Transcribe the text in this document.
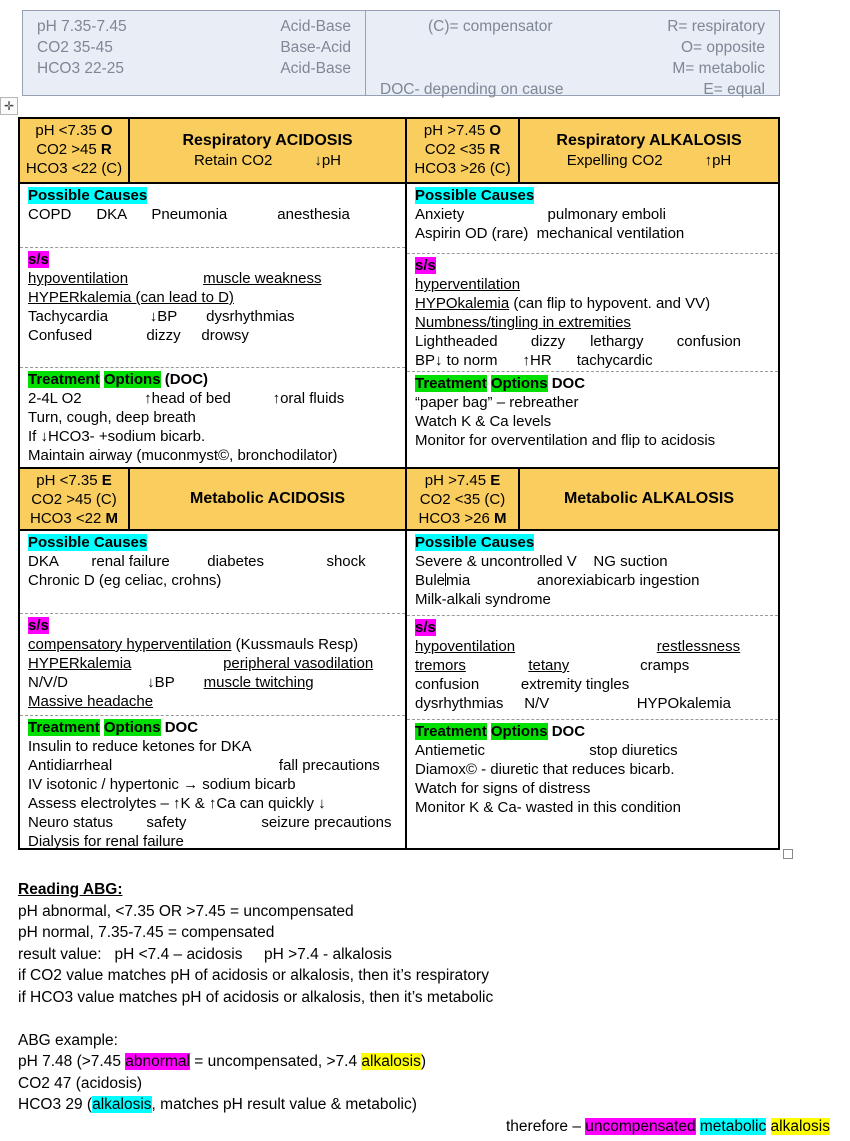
pH 7.35-7.45	Acid-Base
CO2 35-45	Base-Acid
HCO3 22-25	Acid-Base
(C)= compensator	R= respiratory
O= opposite
M= metabolic
DOC- depending on cause	E= equal
✛
pH <7.35 O
CO2 >45 R
HCO3 <22 (C)
Respiratory ACIDOSIS
Retain CO2	↓pH
Possible Causes
COPD      DKA      Pneumonia            anesthesia
s/s
hypoventilation	muscle weakness
HYPERkalemia (can lead to D)
Tachycardia          ↓BP       dysrhythmias
Confused             dizzy     drowsy
Treatment Options (DOC)
2-4L O2               ↑head of bed          ↑oral fluids
Turn, cough, deep breath
If ↓HCO3- +sodium bicarb.
Maintain airway (muconmyst©, bronchodilator)
pH <7.35 E
CO2 >45 (C)
HCO3 <22 M
Metabolic ACIDOSIS
Possible Causes
DKA        renal failure         diabetes               shock
Chronic D (eg celiac, crohns)
s/s
compensatory hyperventilation (Kussmauls Resp)
HYPERkalemia	peripheral vasodilation
N/V/D                   ↓BP       muscle twitching
Massive headache
Treatment Options DOC
Insulin to reduce ketones for DKA
Antidiarrheal                                        fall precautions
IV isotonic / hypertonic → sodium bicarb
Assess electrolytes – ↑K & ↑Ca can quickly ↓
Neuro status        safety                  seizure precautions
Dialysis for renal failure
pH >7.45 O
CO2 <35 R
HCO3 >26 (C)
Respiratory ALKALOSIS
Expelling CO2	↑pH
Possible Causes
Anxiety                    pulmonary emboli
Aspirin OD (rare)  mechanical ventilation
s/s
hyperventilation
HYPOkalemia (can flip to hypovent. and VV)
Numbness/tingling in extremities
Lightheaded        dizzy      lethargy        confusion
BP↓ to norm      ↑HR      tachycardic
Treatment Options DOC
“paper bag” – rebreather
Watch K & Ca levels
Monitor for overventilation and flip to acidosis
pH >7.45 E
CO2 <35 (C)
HCO3 >26 M
Metabolic ALKALOSIS
Possible Causes
Severe & uncontrolled V    NG suction
Bulemia                anorexiabicarb ingestion
Milk-alkali syndrome
s/s
hypoventilation	restlessness
tremors	tetany	cramps
confusion          extremity tingles
dysrhythmias     N/V                     HYPOkalemia
Treatment Options DOC
Antiemetic                         stop diuretics
Diamox© - diuretic that reduces bicarb.
Watch for signs of distress
Monitor K & Ca- wasted in this condition
Reading ABG:
pH abnormal, <7.35 OR >7.45 = uncompensated
pH normal, 7.35-7.45 = compensated
result value:   pH <7.4 – acidosis     pH >7.4 - alkalosis
if CO2 value matches pH of acidosis or alkalosis, then it’s respiratory
if HCO3 value matches pH of acidosis or alkalosis, then it’s metabolic
ABG example:
pH 7.48 (>7.45 abnormal = uncompensated, >7.4 alkalosis)
CO2 47 (acidosis)
HCO3 29 (alkalosis, matches pH result value & metabolic)
therefore – uncompensated metabolic alkalosis
